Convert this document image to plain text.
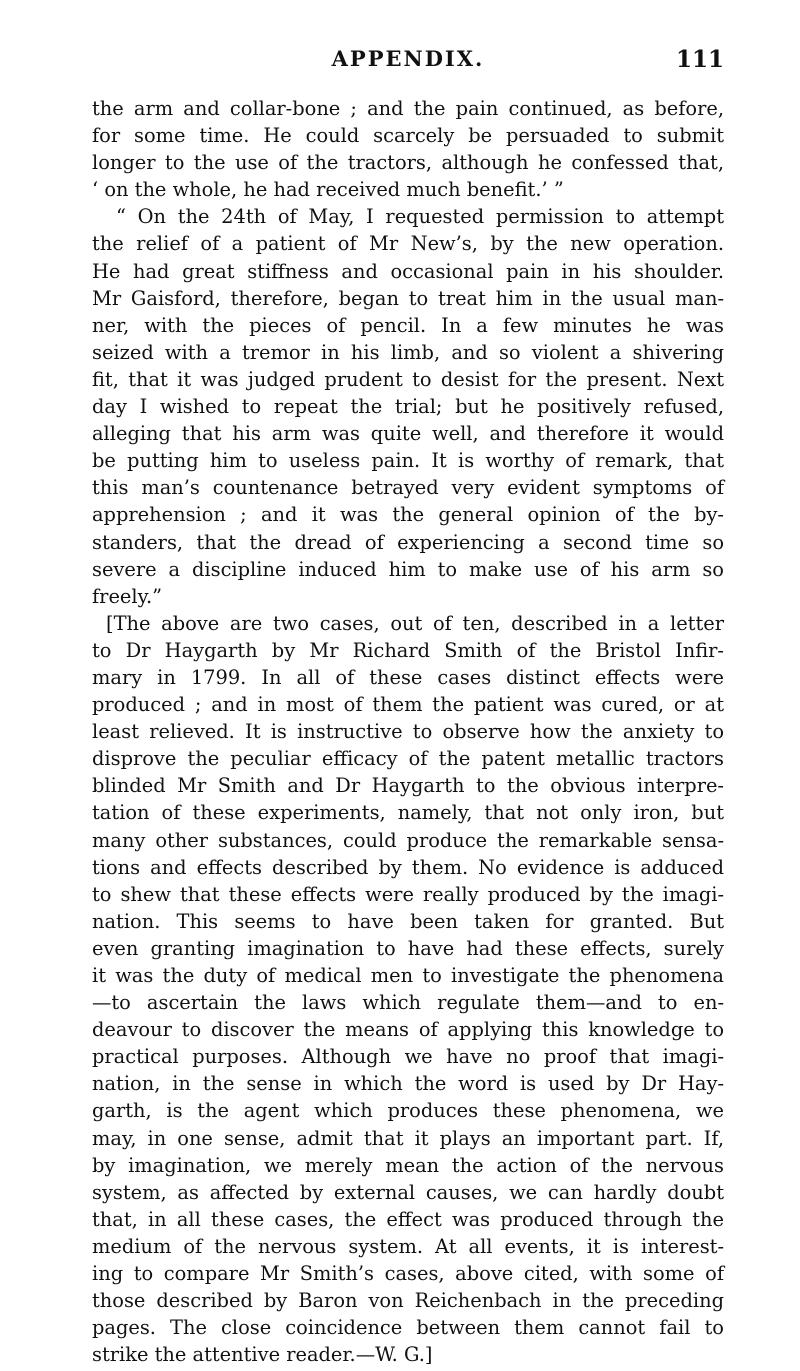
APPENDIX.	111
the arm and collar-bone ; and the pain continued, as before,
for some time. He could scarcely be persuaded to submit
longer to the use of the tractors, although he confessed that,
‘ on the whole, he had received much benefit.’ ”
“ On the 24th of May, I requested permission to attempt
the relief of a patient of Mr New’s, by the new operation.
He had great stiffness and occasional pain in his shoulder.
Mr Gaisford, therefore, began to treat him in the usual man-
ner, with the pieces of pencil. In a few minutes he was
seized with a tremor in his limb, and so violent a shivering
fit, that it was judged prudent to desist for the present. Next
day I wished to repeat the trial; but he positively refused,
alleging that his arm was quite well, and therefore it would
be putting him to useless pain. It is worthy of remark, that
this man’s countenance betrayed very evident symptoms of
apprehension ; and it was the general opinion of the by-
standers, that the dread of experiencing a second time so
severe a discipline induced him to make use of his arm so
freely.”
[The above are two cases, out of ten, described in a letter
to Dr Haygarth by Mr Richard Smith of the Bristol Infir-
mary in 1799. In all of these cases distinct effects were
produced ; and in most of them the patient was cured, or at
least relieved. It is instructive to observe how the anxiety to
disprove the peculiar efficacy of the patent metallic tractors
blinded Mr Smith and Dr Haygarth to the obvious interpre-
tation of these experiments, namely, that not only iron, but
many other substances, could produce the remarkable sensa-
tions and effects described by them. No evidence is adduced
to shew that these effects were really produced by the imagi-
nation. This seems to have been taken for granted. But
even granting imagination to have had these effects, surely
it was the duty of medical men to investigate the phenomena
—to ascertain the laws which regulate them—and to en-
deavour to discover the means of applying this knowledge to
practical purposes. Although we have no proof that imagi-
nation, in the sense in which the word is used by Dr Hay-
garth, is the agent which produces these phenomena, we
may, in one sense, admit that it plays an important part. If,
by imagination, we merely mean the action of the nervous
system, as affected by external causes, we can hardly doubt
that, in all these cases, the effect was produced through the
medium of the nervous system. At all events, it is interest-
ing to compare Mr Smith’s cases, above cited, with some of
those described by Baron von Reichenbach in the preceding
pages. The close coincidence between them cannot fail to
strike the attentive reader.—W. G.]
